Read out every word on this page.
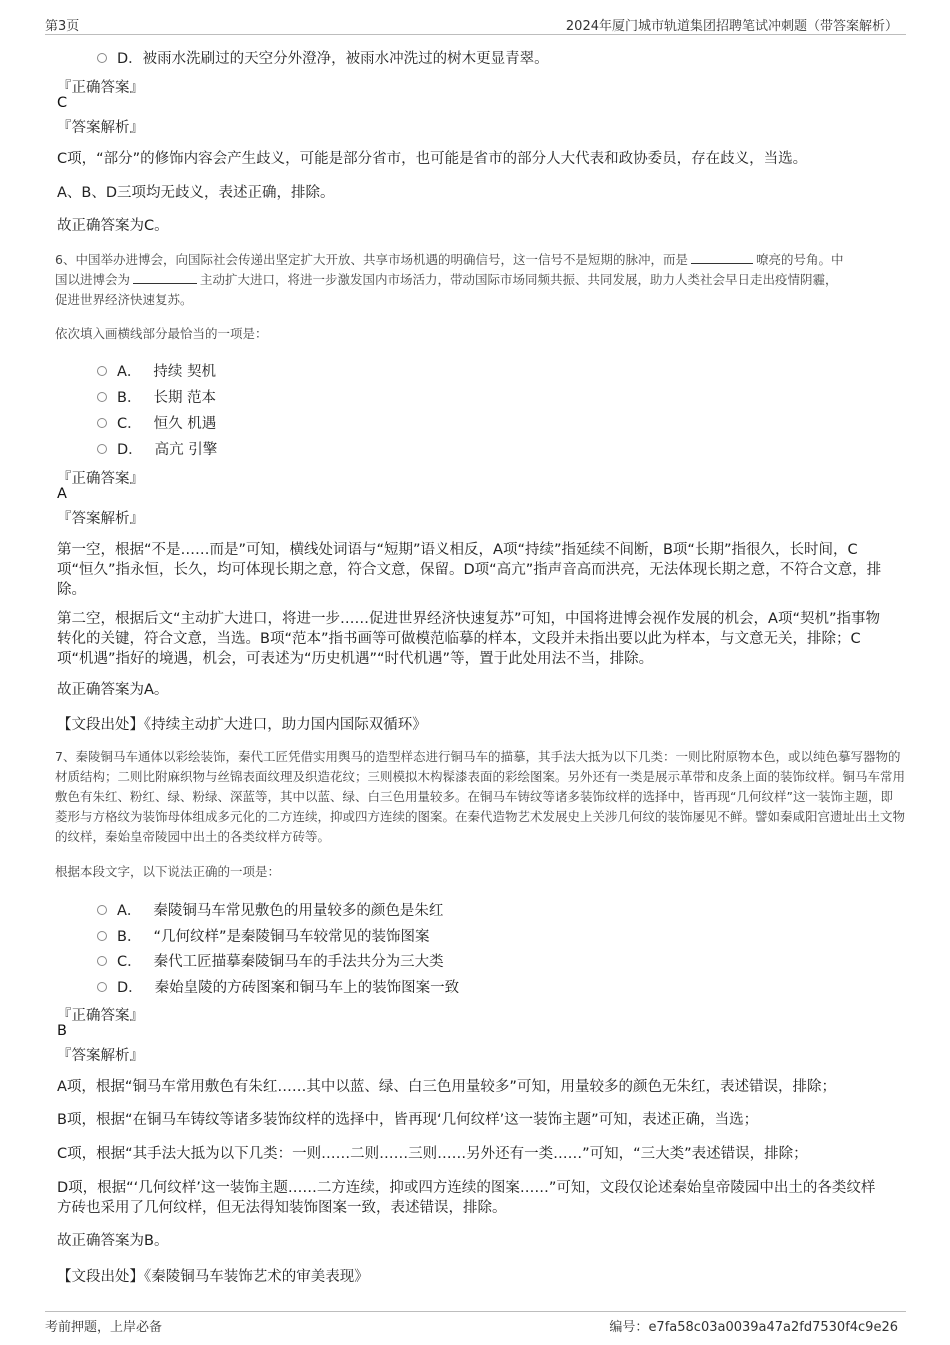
第3页	2024年厦门城市轨道集团招聘笔试冲刺题（带答案解析）
D．被雨水洗刷过的天空分外澄净，被雨水冲洗过的树木更显青翠。
『正确答案』
C
『答案解析』
C项，“部分”的修饰内容会产生歧义，可能是部分省市，也可能是省市的部分人大代表和政协委员，存在歧义，当选。
A、B、D三项均无歧义，表述正确，排除。
故正确答案为C。
6、中国举办进博会，向国际社会传递出坚定扩大开放、共享市场机遇的明确信号，这一信号不是短期的脉冲，而是	嘹亮的号角。中
国以进博会为	主动扩大进口，将进一步激发国内市场活力，带动国际市场同频共振、共同发展，助力人类社会早日走出疫情阴霾，
促进世界经济快速复苏。
依次填入画横线部分最恰当的一项是：
A． 持续 契机
B． 长期 范本
C． 恒久 机遇
D． 高亢 引擎
『正确答案』
A
『答案解析』
第一空，根据“不是……而是”可知，横线处词语与“短期”语义相反，A项“持续”指延续不间断，B项“长期”指很久，长时间，C项“恒久”指永恒，长久，均可体现长期之意，符合文意，保留。D项“高亢”指声音高而洪亮，无法体现长期之意，不符合文意，排除。
第二空，根据后文“主动扩大进口，将进一步……促进世界经济快速复苏”可知，中国将进博会视作发展的机会，A项“契机”指事物转化的关键，符合文意，当选。B项“范本”指书画等可做模范临摹的样本，文段并未指出要以此为样本，与文意无关，排除；C项“机遇”指好的境遇，机会，可表述为“历史机遇”“时代机遇”等，置于此处用法不当，排除。
故正确答案为A。
【文段出处】《持续主动扩大进口，助力国内国际双循环》
7、秦陵铜马车通体以彩绘装饰，秦代工匠凭借实用舆马的造型样态进行铜马车的描摹，其手法大抵为以下几类：一则比附原物本色，或以纯色摹写器物的材质结构；二则比附麻织物与丝锦表面纹理及织造花纹；三则模拟木构髹漆表面的彩绘图案。另外还有一类是展示革带和皮条上面的装饰纹样。铜马车常用敷色有朱红、粉红、绿、粉绿、深蓝等，其中以蓝、绿、白三色用量较多。在铜马车铸纹等诸多装饰纹样的选择中，皆再现“几何纹样”这一装饰主题，即菱形与方格纹为装饰母体组成多元化的二方连续，抑或四方连续的图案。在秦代造物艺术发展史上关涉几何纹的装饰屡见不鲜。譬如秦咸阳宫遗址出土文物的纹样，秦始皇帝陵园中出土的各类纹样方砖等。
根据本段文字，以下说法正确的一项是：
A． 秦陵铜马车常见敷色的用量较多的颜色是朱红
B． “几何纹样”是秦陵铜马车较常见的装饰图案
C． 秦代工匠描摹秦陵铜马车的手法共分为三大类
D． 秦始皇陵的方砖图案和铜马车上的装饰图案一致
『正确答案』
B
『答案解析』
A项，根据“铜马车常用敷色有朱红……其中以蓝、绿、白三色用量较多”可知，用量较多的颜色无朱红，表述错误，排除；
B项，根据“在铜马车铸纹等诸多装饰纹样的选择中，皆再现‘几何纹样’这一装饰主题”可知，表述正确，当选；
C项，根据“其手法大抵为以下几类：一则……二则……三则……另外还有一类……”可知，“三大类”表述错误，排除；
D项，根据“‘几何纹样’这一装饰主题……二方连续，抑或四方连续的图案……”可知，文段仅论述秦始皇帝陵园中出土的各类纹样方砖也采用了几何纹样，但无法得知装饰图案一致，表述错误，排除。
故正确答案为B。
【文段出处】《秦陵铜马车装饰艺术的审美表现》
考前押题，上岸必备	编号：e7fa58c03a0039a47a2fd7530f4c9e26
